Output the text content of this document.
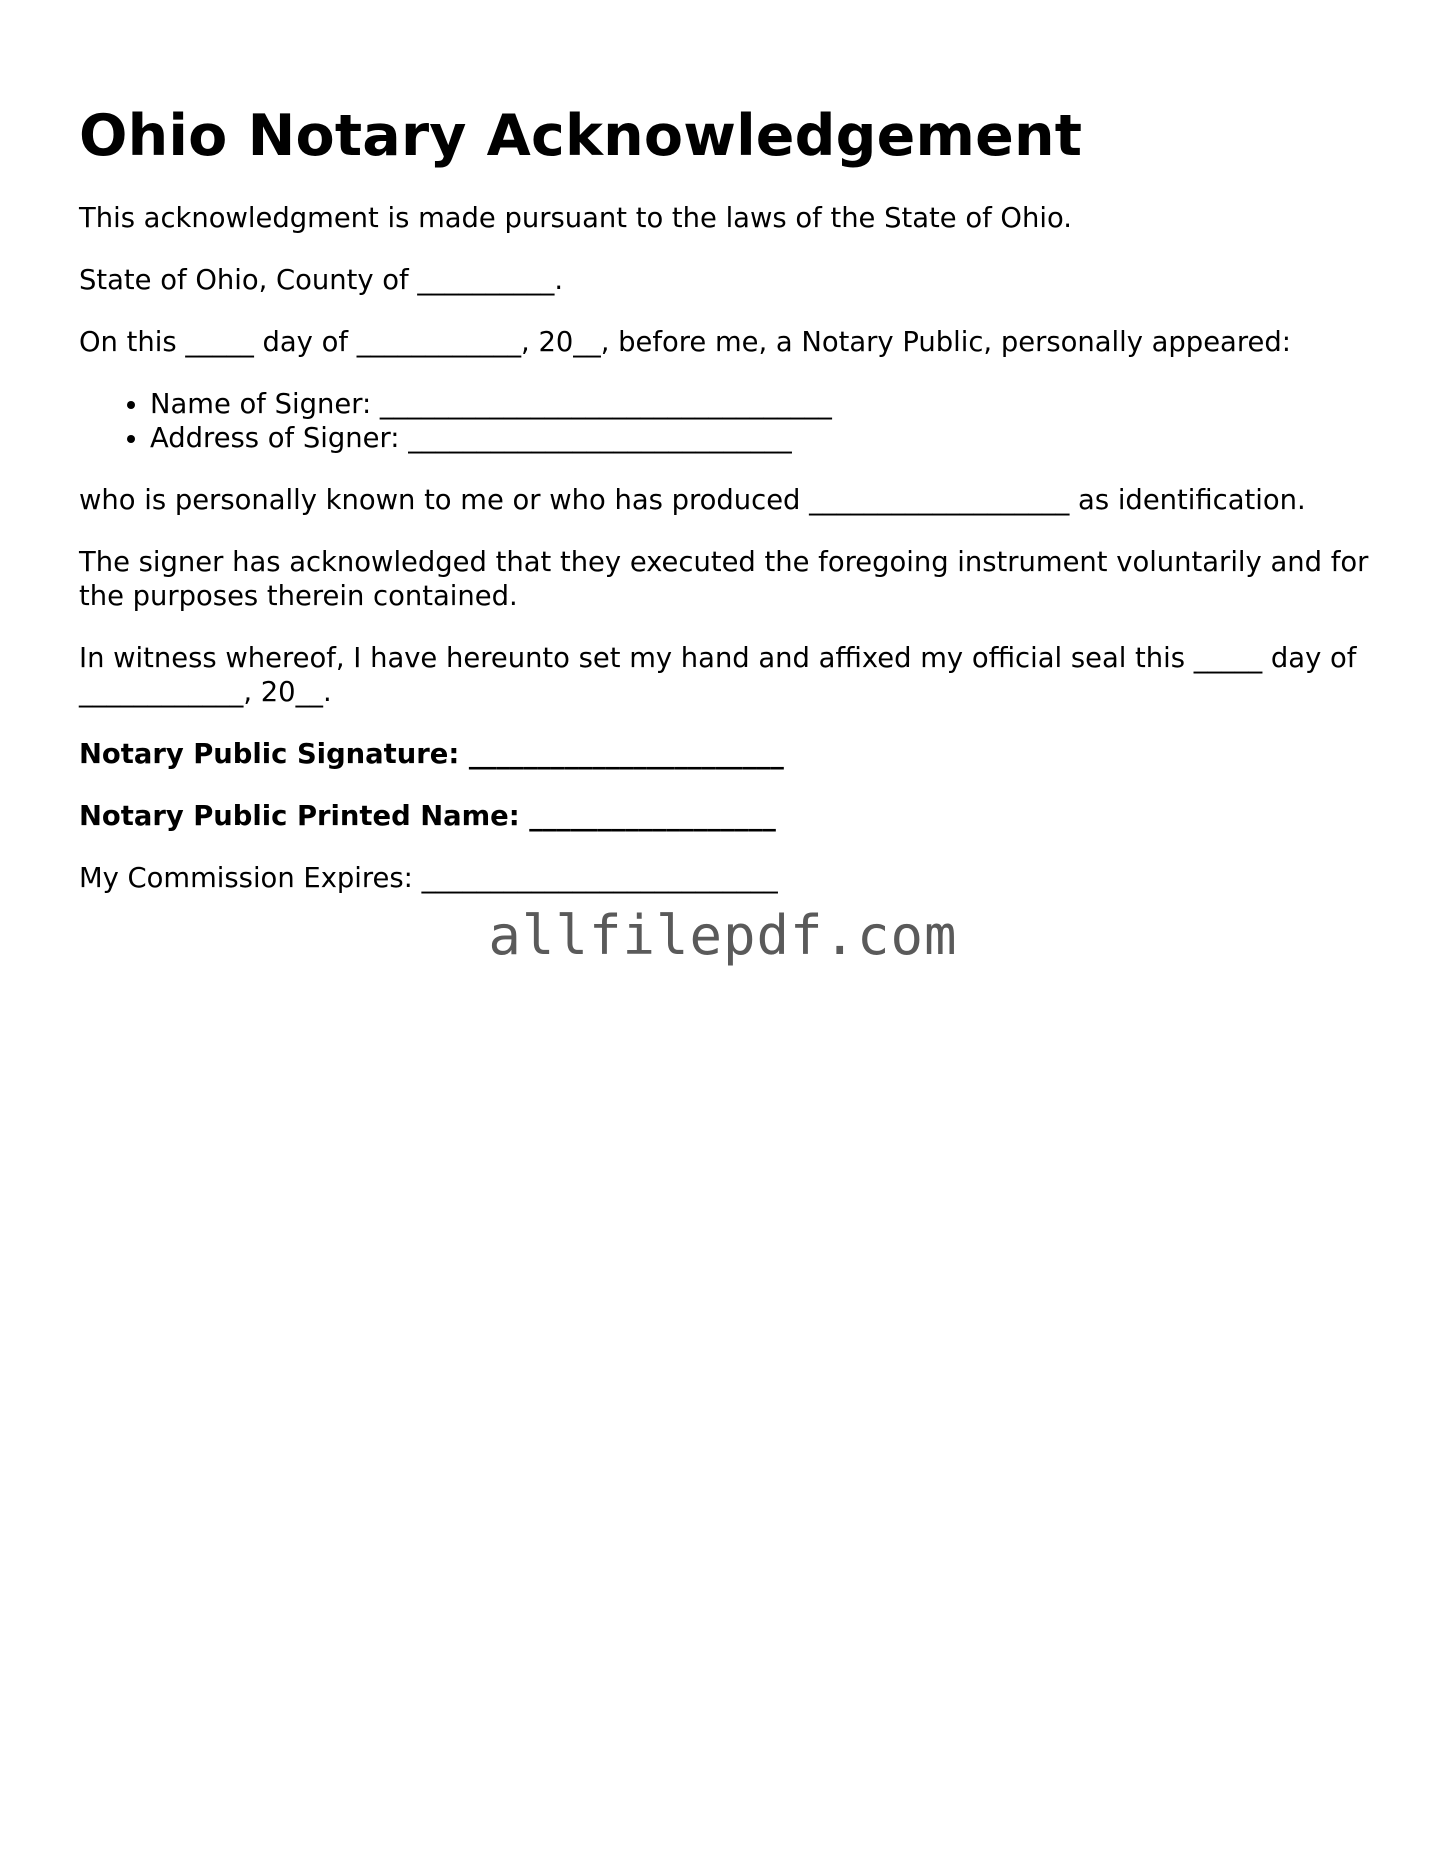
Ohio Notary Acknowledgement

This acknowledgment is made pursuant to the laws of the State of Ohio.

State of Ohio, County of __________.

On this _____ day of ____________, 20__, before me, a Notary Public, personally appeared:

• Name of Signer: _________________________________
• Address of Signer: ____________________________

who is personally known to me or who has produced ___________________ as identification.

The signer has acknowledged that they executed the foregoing instrument voluntarily and for the purposes therein contained.

In witness whereof, I have hereunto set my hand and affixed my official seal this _____ day of ____________, 20__.

Notary Public Signature: _______________________

Notary Public Printed Name: __________________

My Commission Expires: __________________________

allfilepdf.com
